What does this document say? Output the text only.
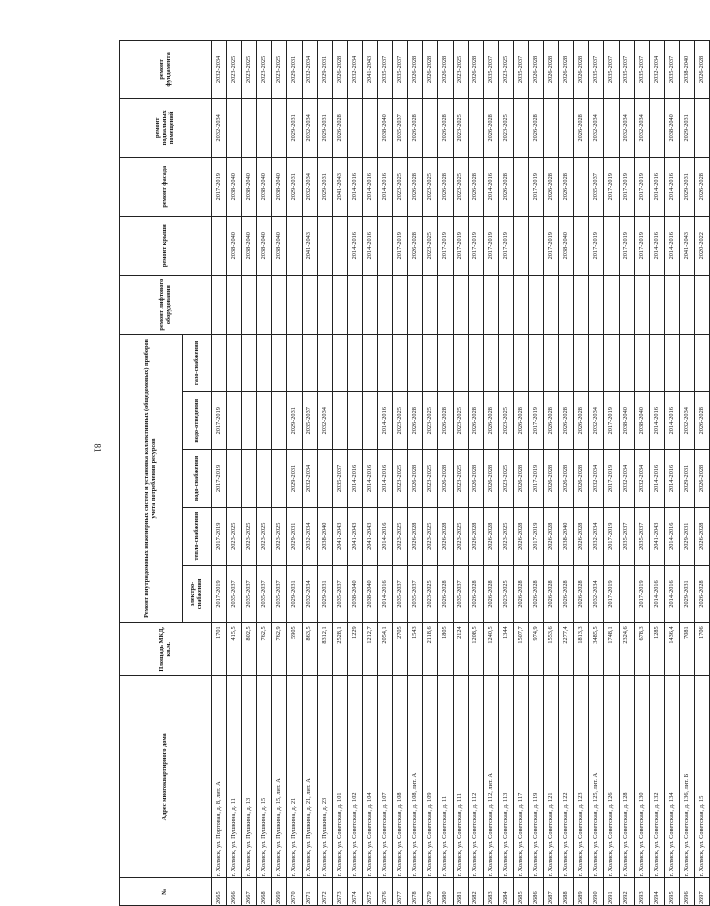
81
№	Адрес многоквартирного дома	Площадь МКД, кв.м.	Ремонт внутридомовых инженерных систем и установка коллективных (общедомовых) приборов учета потребления ресурсов					ремонт лифтового оборудования	ремонт крыши	ремонт фасада	ремонт подвальных помещений	ремонт фундамента
			электро-снабжения	тепло-снабжения	водо-снабжения	водо-отведения	газо-снабжения					
2665	г. Холмск, ул. Портовая, д. 8, лит. А	1701	2017-2019	2017-2019	2017-2019	2017-2019				2017-2019	2032-2034	2032-2034
2666	г. Холмск, ул. Пушкина, д. 11	415,5	2035-2037	2023-2025					2038-2040	2038-2040		2023-2025
2667	г. Холмск, ул. Пушкина, д. 13	802,5	2035-2037	2023-2025					2038-2040	2038-2040		2023-2025
2668	г. Холмск, ул. Пушкина, д. 15	762,5	2035-2037	2023-2025					2038-2040	2038-2040		2023-2025
2669	г. Холмск, ул. Пушкина, д. 15, лит. А	762,9	2035-2037	2023-2025					2038-2040	2038-2040		2023-2025
2670	г. Холмск, ул. Пушкина, д. 21	5905	2029-2031	2029-2031	2029-2031	2029-2031				2029-2031	2029-2031	2029-2031
2671	г. Холмск, ул. Пушкина, д. 21, лит. А	863,5	2032-2034	2032-2034	2032-2034	2035-2037			2041-2043	2032-2034	2032-2034	2032-2034
2672	г. Холмск, ул. Пушкина, д. 23	8312,1	2029-2031	2038-2040		2032-2034				2029-2031	2029-2031	2029-2031
2673	г. Холмск, ул. Советская, д. 101	2528,1	2035-2037	2041-2043	2035-2037					2041-2043	2026-2028	2026-2028
2674	г. Холмск, ул. Советская, д. 102	1229	2038-2040	2041-2043	2014-2016				2014-2016	2014-2016		2032-2034
2675	г. Холмск, ул. Советская, д. 104	1212,7	2038-2040	2041-2043	2014-2016				2014-2016	2014-2016		2041-2043
2676	г. Холмск, ул. Советская, д. 107	2054,1	2014-2016	2014-2016	2014-2016	2014-2016				2014-2016	2038-2040	2035-2037
2677	г. Холмск, ул. Советская, д. 108	2705	2035-2037	2023-2025	2023-2025	2023-2025			2017-2019	2023-2025	2035-2037	2035-2037
2678	г. Холмск, ул. Советская, д. 108, лит. А	1543	2035-2037	2026-2028	2026-2028	2026-2028			2026-2028	2026-2028	2026-2028	2026-2028
2679	г. Холмск, ул. Советская, д. 109	2118,6	2023-2025	2023-2025	2023-2025	2023-2025			2023-2025	2023-2025		2026-2028
2680	г. Холмск, ул. Советская, д. 11	1805	2026-2028	2026-2028	2026-2028	2026-2028			2017-2019	2026-2028	2026-2028	2026-2028
2681	г. Холмск, ул. Советская, д. 111	2124	2035-2037	2023-2025	2023-2025	2023-2025			2017-2019	2023-2025	2023-2025	2023-2025
2682	г. Холмск, ул. Советская, д. 112	1208,5	2026-2028	2026-2028	2026-2028	2026-2028			2017-2019	2026-2028		2026-2028
2683	г. Холмск, ул. Советская, д. 112, лит. А	1240,5	2026-2028	2026-2028	2026-2028	2026-2028			2017-2019	2014-2016	2026-2028	2035-2037
2684	г. Холмск, ул. Советская, д. 113	1344	2023-2025	2023-2025	2023-2025	2023-2025			2017-2019	2026-2028	2023-2025	2023-2025
2685	г. Холмск, ул. Советская, д. 117	1507,7	2026-2028	2026-2028	2026-2028	2026-2028						2035-2037
2686	г. Холмск, ул. Советская, д. 119	974,9	2026-2028	2017-2019	2017-2019	2017-2019				2017-2019	2026-2028	2026-2028
2687	г. Холмск, ул. Советская, д. 121	1553,6	2026-2028	2026-2028	2026-2028	2026-2028			2017-2019	2026-2028		2026-2028
2688	г. Холмск, ул. Советская, д. 122	2277,4	2026-2028	2038-2040	2026-2028	2026-2028			2038-2040	2026-2028		2026-2028
2689	г. Холмск, ул. Советская, д. 123	1813,3	2026-2028	2026-2028	2026-2028	2026-2028					2026-2028	2026-2028
2690	г. Холмск, ул. Советская, д. 125, лит. А	3485,5	2032-2034	2032-2034	2032-2034	2032-2034			2017-2019	2035-2037	2032-2034	2035-2037
2691	г. Холмск, ул. Советская, д. 126	1748,1	2017-2019	2017-2019	2017-2019	2017-2019				2017-2019		2035-2037
2692	г. Холмск, ул. Советская, д. 128	2324,6		2035-2037	2032-2034	2038-2040			2017-2019	2017-2019	2032-2034	2035-2037
2693	г. Холмск, ул. Советская, д. 130	678,3	2017-2019	2035-2037	2032-2034	2038-2040			2017-2019	2017-2019	2032-2034	2035-2037
2694	г. Холмск, ул. Советская, д. 132	1285	2014-2016	2041-2043	2014-2016	2014-2016			2014-2016	2014-2016		2032-2034
2695	г. Холмск, ул. Советская, д. 134	1436,4	2014-2016	2014-2016	2014-2016	2014-2016			2014-2016	2014-2016	2038-2040	2035-2037
2696	г. Холмск, ул. Советская, д. 136, лит. Б	7081	2029-2031	2029-2031	2029-2031	2032-2034			2041-2043	2029-2031	2029-2031	2038-2040
2697	г. Холмск, ул. Советская, д. 15	1706	2026-2028	2026-2028	2026-2028	2026-2028			2020-2022	2026-2028		2026-2028
